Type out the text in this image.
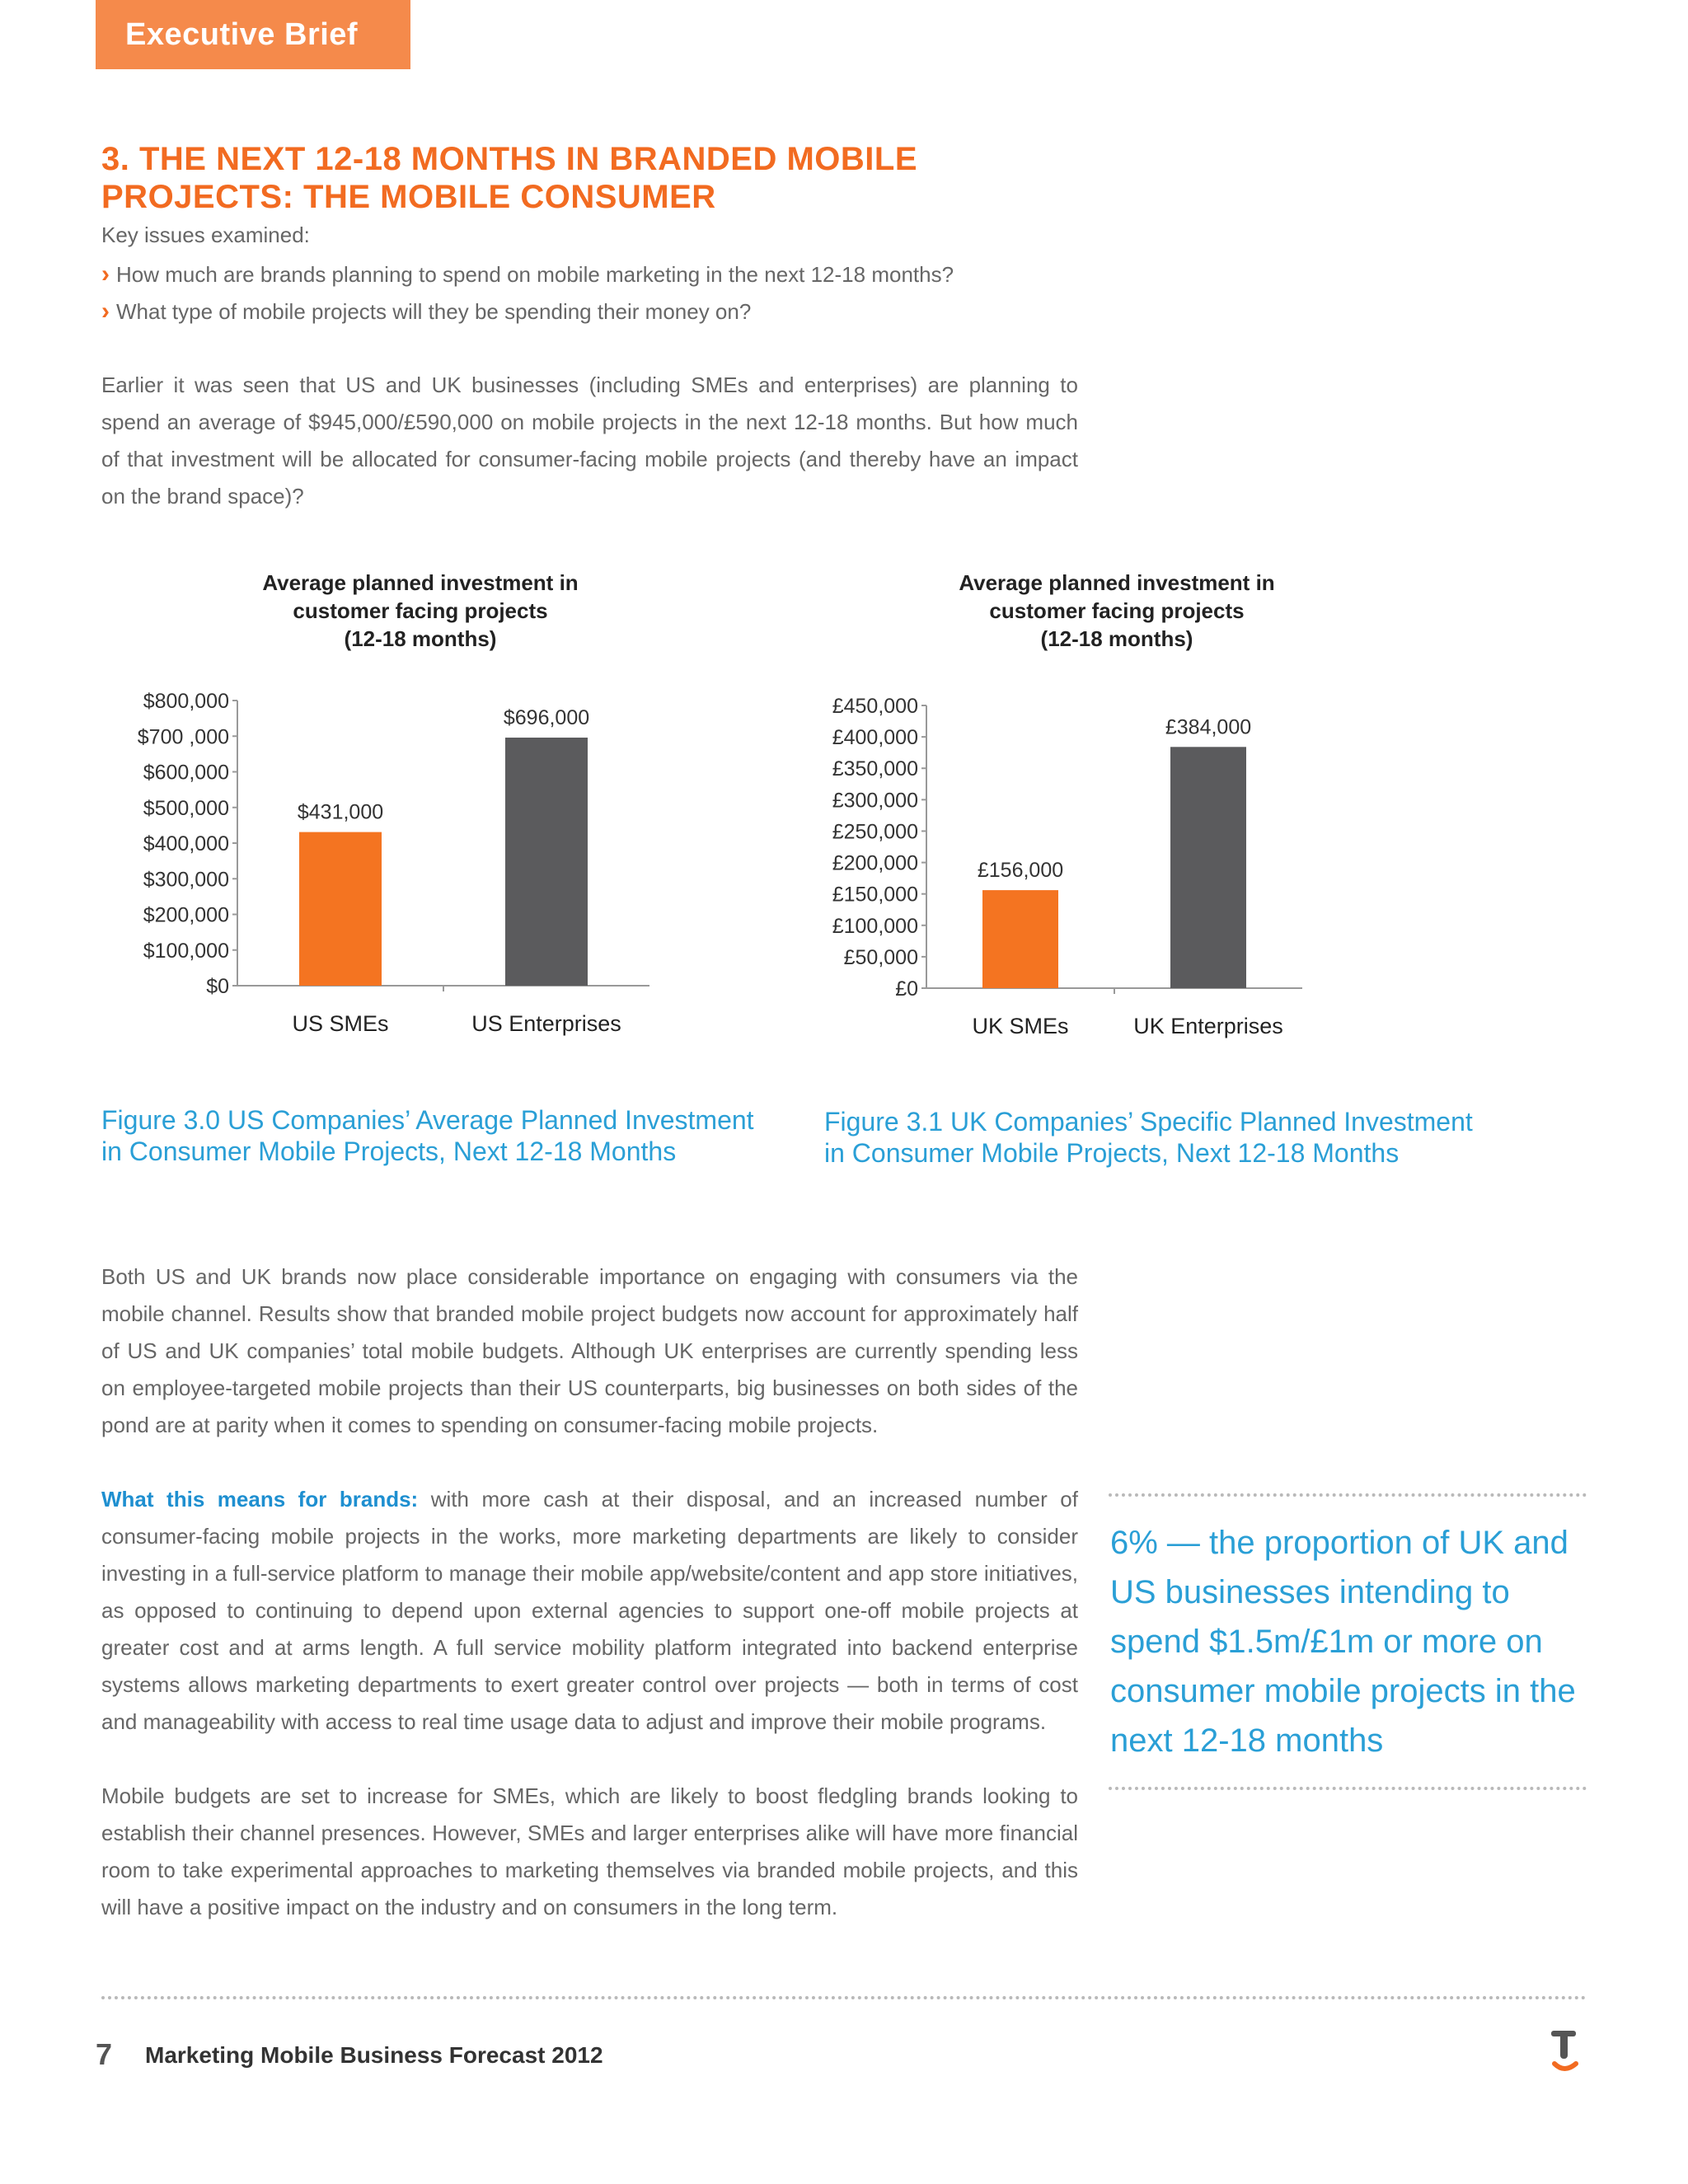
Executive Brief
3. THE NEXT 12-18 MONTHS IN BRANDED MOBILE
PROJECTS: THE MOBILE CONSUMER
Key issues examined:
› How much are brands planning to spend on mobile marketing in the next 12-18 months?
› What type of mobile projects will they be spending their money on?

Earlier it was seen that US and UK businesses (including SMEs and enterprises) are planning to spend an average of $945,000/£590,000 on mobile projects in the next 12-18 months. But how much of that investment will be allocated for consumer-facing mobile projects (and thereby have an impact on the brand space)?

Average planned investment in
customer facing projects
(12-18 months)
$0
$100,000
$200,000
$300,000
$400,000
$500,000
$600,000
$700 ,000
$800,000
$431,000
US SMEs
$696,000
US Enterprises
Average planned investment in
customer facing projects
(12-18 months)
£0
£50,000
£100,000
£150,000
£200,000
£250,000
£300,000
£350,000
£400,000
£450,000
£156,000
UK SMEs
£384,000
UK Enterprises
Figure 3.0 US Companies’ Average Planned Investment
in Consumer Mobile Projects, Next 12-18 Months
Figure 3.1 UK Companies’ Specific Planned Investment
in Consumer Mobile Projects, Next 12-18 Months

Both US and UK brands now place considerable importance on engaging with consumers via the mobile channel. Results show that branded mobile project budgets now account for approximately half of US and UK companies’ total mobile budgets. Although UK enterprises are currently spending less on employee-targeted mobile projects than their US counterparts, big businesses on both sides of the pond are at parity when it comes to spending on consumer-facing mobile projects.

What this means for brands: with more cash at their disposal, and an increased number of consumer-facing mobile projects in the works, more marketing departments are likely to consider investing in a full-service platform to manage their mobile app/website/content and app store initiatives, as opposed to continuing to depend upon external agencies to support one-off mobile projects at greater cost and at arms length. A full service mobility platform integrated into backend enterprise systems allows marketing departments to exert greater control over projects — both in terms of cost and manageability with access to real time usage data to adjust and improve their mobile programs.

Mobile budgets are set to increase for SMEs, which are likely to boost fledgling brands looking to establish their channel presences. However, SMEs and larger enterprises alike will have more financial room to take experimental approaches to marketing themselves via branded mobile projects, and this will have a positive impact on the industry and on consumers in the long term.

6% — the proportion of UK and US businesses intending to spend $1.5m/£1m or more on consumer mobile projects in the next 12-18 months
7 Marketing Mobile Business Forecast 2012
